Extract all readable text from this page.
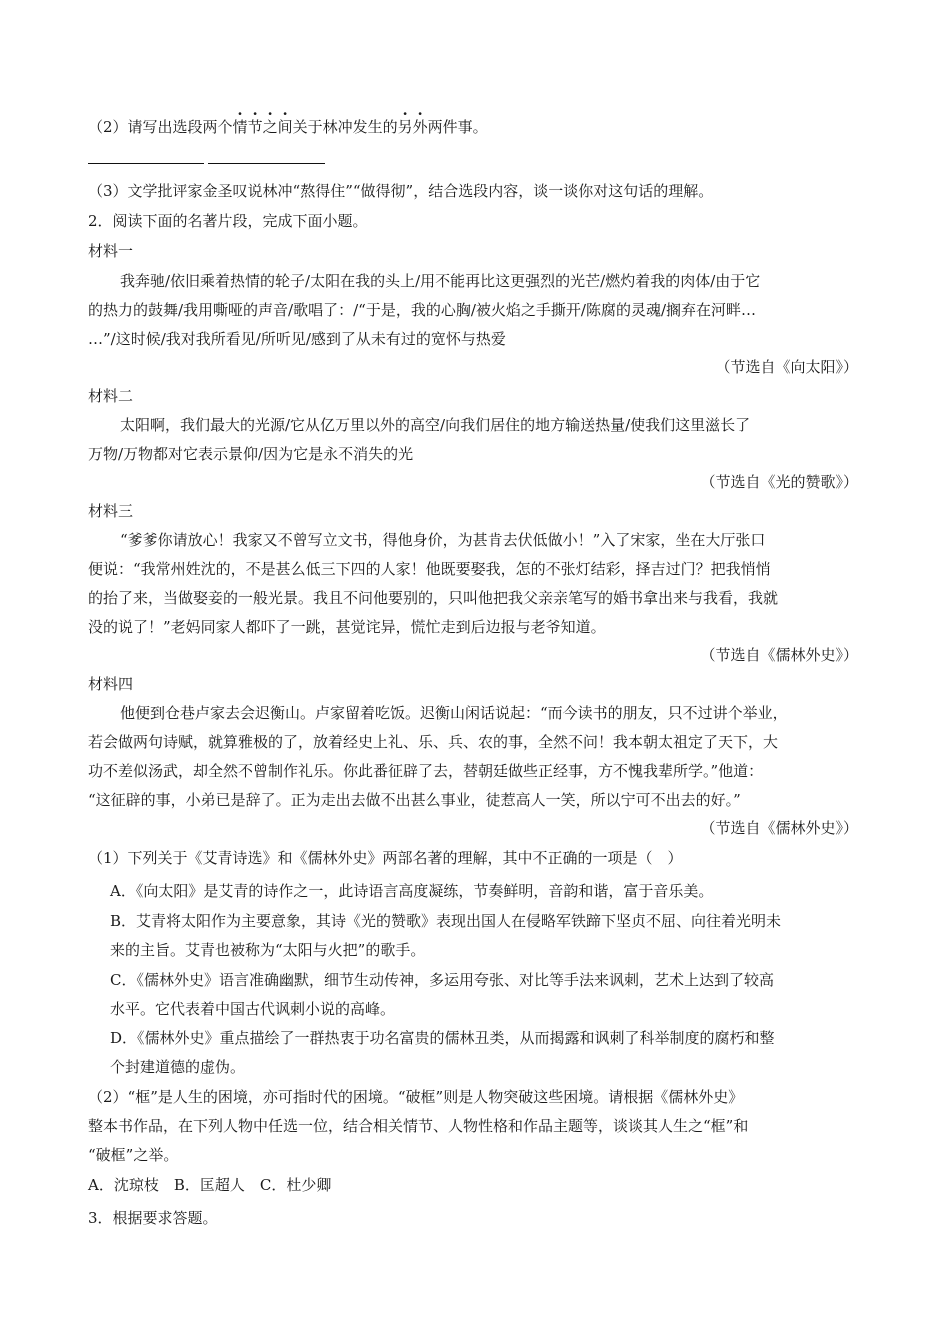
（2）请写出选段两个情节之间关于林冲发生的另外两件事。
（3）文学批评家金圣叹说林冲“熬得住”“做得彻”，结合选段内容，谈一谈你对这句话的理解。
2．阅读下面的名著片段，完成下面小题。
材料一
我奔驰/依旧乘着热情的轮子/太阳在我的头上/用不能再比这更强烈的光芒/燃灼着我的肉体/由于它
的热力的鼓舞/我用嘶哑的声音/歌唱了：/“于是，我的心胸/被火焰之手撕开/陈腐的灵魂/搁弃在河畔…
…”/这时候/我对我所看见/所听见/感到了从未有过的宽怀与热爱
（节选自《向太阳》）
材料二
太阳啊，我们最大的光源/它从亿万里以外的高空/向我们居住的地方输送热量/使我们这里滋长了
万物/万物都对它表示景仰/因为它是永不消失的光
（节选自《光的赞歌》）
材料三
“爹爹你请放心！我家又不曾写立文书，得他身价，为甚肯去伏低做小！”入了宋家，坐在大厅张口
便说：“我常州姓沈的，不是甚么低三下四的人家！他既要娶我，怎的不张灯结彩，择吉过门？把我悄悄
的抬了来，当做娶妾的一般光景。我且不问他要别的，只叫他把我父亲亲笔写的婚书拿出来与我看，我就
没的说了！”老妈同家人都吓了一跳，甚觉诧异，慌忙走到后边报与老爷知道。
（节选自《儒林外史》）
材料四
他便到仓巷卢家去会迟衡山。卢家留着吃饭。迟衡山闲话说起：“而今读书的朋友，只不过讲个举业，
若会做两句诗赋，就算雅极的了，放着经史上礼、乐、兵、农的事，全然不问！我本朝太祖定了天下，大
功不差似汤武，却全然不曾制作礼乐。你此番征辟了去，替朝廷做些正经事，方不愧我辈所学。”他道：
“这征辟的事，小弟已是辞了。正为走出去做不出甚么事业，徒惹高人一笑，所以宁可不出去的好。”
（节选自《儒林外史》）
（1）下列关于《艾青诗选》和《儒林外史》两部名著的理解，其中不正确的一项是（　）
A．《向太阳》是艾青的诗作之一，此诗语言高度凝练，节奏鲜明，音韵和谐，富于音乐美。
B．艾青将太阳作为主要意象，其诗《光的赞歌》表现出国人在侵略军铁蹄下坚贞不屈、向往着光明未
来的主旨。艾青也被称为“太阳与火把”的歌手。
C．《儒林外史》语言准确幽默，细节生动传神，多运用夸张、对比等手法来讽刺，艺术上达到了较高
水平。它代表着中国古代讽刺小说的高峰。
D．《儒林外史》重点描绘了一群热衷于功名富贵的儒林丑类，从而揭露和讽刺了科举制度的腐朽和整
个封建道德的虚伪。
（2）“框”是人生的困境，亦可指时代的困境。“破框”则是人物突破这些困境。请根据《儒林外史》
整本书作品，在下列人物中任选一位，结合相关情节、人物性格和作品主题等，谈谈其人生之“框”和
“破框”之举。
A．沈琼枝　B．匡超人　C．杜少卿
3．根据要求答题。
